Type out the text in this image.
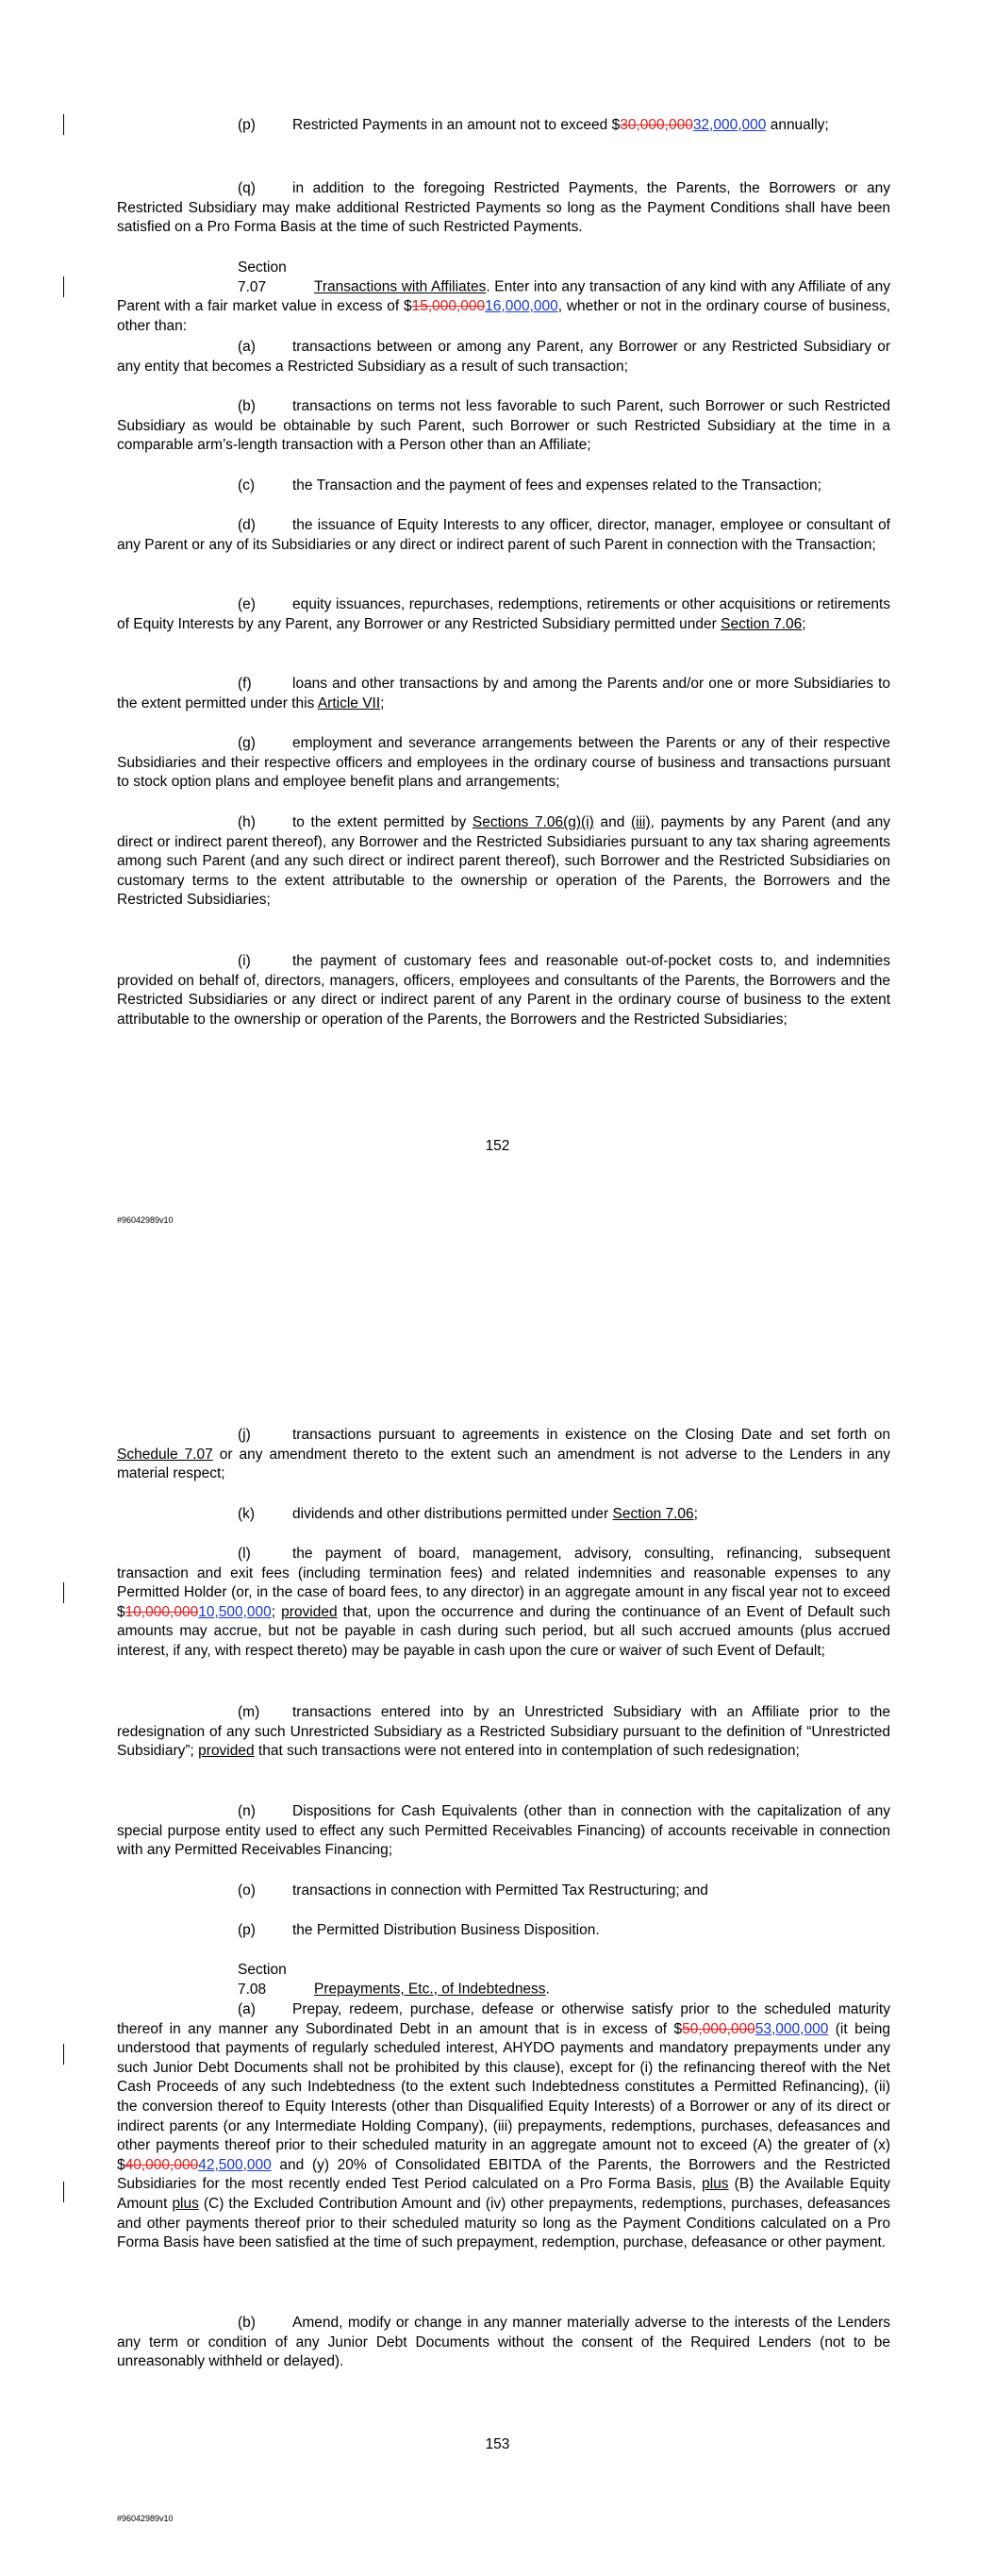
(p)	Restricted Payments in an amount not to exceed $30,000,00032,000,000 annually;

(q)	in addition to the foregoing Restricted Payments, the Parents, the Borrowers or any Restricted Subsidiary may make additional Restricted Payments so long as the Payment Conditions shall have been satisfied on a Pro Forma Basis at the time of such Restricted Payments.

Section 7.07	Transactions with Affiliates. Enter into any transaction of any kind with any Affiliate of any Parent with a fair market value in excess of $15,000,00016,000,000, whether or not in the ordinary course of business, other than:

(a)	transactions between or among any Parent, any Borrower or any Restricted Subsidiary or any entity that becomes a Restricted Subsidiary as a result of such transaction;

(b)	transactions on terms not less favorable to such Parent, such Borrower or such Restricted Subsidiary as would be obtainable by such Parent, such Borrower or such Restricted Subsidiary at the time in a comparable arm’s-length transaction with a Person other than an Affiliate;

(c)	the Transaction and the payment of fees and expenses related to the Transaction;

(d)	the issuance of Equity Interests to any officer, director, manager, employee or consultant of any Parent or any of its Subsidiaries or any direct or indirect parent of such Parent in connection with the Transaction;

(e)	equity issuances, repurchases, redemptions, retirements or other acquisitions or retirements of Equity Interests by any Parent, any Borrower or any Restricted Subsidiary permitted under Section 7.06;

(f)	loans and other transactions by and among the Parents and/or one or more Subsidiaries to the extent permitted under this Article VII;

(g)	employment and severance arrangements between the Parents or any of their respective Subsidiaries and their respective officers and employees in the ordinary course of business and transactions pursuant to stock option plans and employee benefit plans and arrangements;

(h)	to the extent permitted by Sections 7.06(g)(i) and (iii), payments by any Parent (and any direct or indirect parent thereof), any Borrower and the Restricted Subsidiaries pursuant to any tax sharing agreements among such Parent (and any such direct or indirect parent thereof), such Borrower and the Restricted Subsidiaries on customary terms to the extent attributable to the ownership or operation of the Parents, the Borrowers and the Restricted Subsidiaries;

(i)	the payment of customary fees and reasonable out-of-pocket costs to, and indemnities provided on behalf of, directors, managers, officers, employees and consultants of the Parents, the Borrowers and the Restricted Subsidiaries or any direct or indirect parent of any Parent in the ordinary course of business to the extent attributable to the ownership or operation of the Parents, the Borrowers and the Restricted Subsidiaries;

152
#96042989v10

(j)	transactions pursuant to agreements in existence on the Closing Date and set forth on Schedule 7.07 or any amendment thereto to the extent such an amendment is not adverse to the Lenders in any material respect;

(k)	dividends and other distributions permitted under Section 7.06;

(l)	the payment of board, management, advisory, consulting, refinancing, subsequent transaction and exit fees (including termination fees) and related indemnities and reasonable expenses to any Permitted Holder (or, in the case of board fees, to any director) in an aggregate amount in any fiscal year not to exceed $10,000,00010,500,000; provided that, upon the occurrence and during the continuance of an Event of Default such amounts may accrue, but not be payable in cash during such period, but all such accrued amounts (plus accrued interest, if any, with respect thereto) may be payable in cash upon the cure or waiver of such Event of Default;

(m) transactions entered into by an Unrestricted Subsidiary with an Affiliate prior to the redesignation of any such Unrestricted Subsidiary as a Restricted Subsidiary pursuant to the definition of “Unrestricted Subsidiary”; provided that such transactions were not entered into in contemplation of such redesignation;

(n)	Dispositions for Cash Equivalents (other than in connection with the capitalization of any special purpose entity used to effect any such Permitted Receivables Financing) of accounts receivable in connection with any Permitted Receivables Financing;

(o)	transactions in connection with Permitted Tax Restructuring; and

(p)	the Permitted Distribution Business Disposition.

Section 7.08	Prepayments, Etc., of Indebtedness.

(a)	Prepay, redeem, purchase, defease or otherwise satisfy prior to the scheduled maturity thereof in any manner any Subordinated Debt in an amount that is in excess of $50,000,00053,000,000 (it being understood that payments of regularly scheduled interest, AHYDO payments and mandatory prepayments under any such Junior Debt Documents shall not be prohibited by this clause), except for (i) the refinancing thereof with the Net Cash Proceeds of any such Indebtedness (to the extent such Indebtedness constitutes a Permitted Refinancing), (ii) the conversion thereof to Equity Interests (other than Disqualified Equity Interests) of a Borrower or any of its direct or indirect parents (or any Intermediate Holding Company), (iii) prepayments, redemptions, purchases, defeasances and other payments thereof prior to their scheduled maturity in an aggregate amount not to exceed (A) the greater of (x) $40,000,00042,500,000 and (y) 20% of Consolidated EBITDA of the Parents, the Borrowers and the Restricted Subsidiaries for the most recently ended Test Period calculated on a Pro Forma Basis, plus (B) the Available Equity Amount plus (C) the Excluded Contribution Amount and (iv) other prepayments, redemptions, purchases, defeasances and other payments thereof prior to their scheduled maturity so long as the Payment Conditions calculated on a Pro Forma Basis have been satisfied at the time of such prepayment, redemption, purchase, defeasance or other payment.

(b)	Amend, modify or change in any manner materially adverse to the interests of the Lenders any term or condition of any Junior Debt Documents without the consent of the Required Lenders (not to be unreasonably withheld or delayed).

153
#96042989v10
